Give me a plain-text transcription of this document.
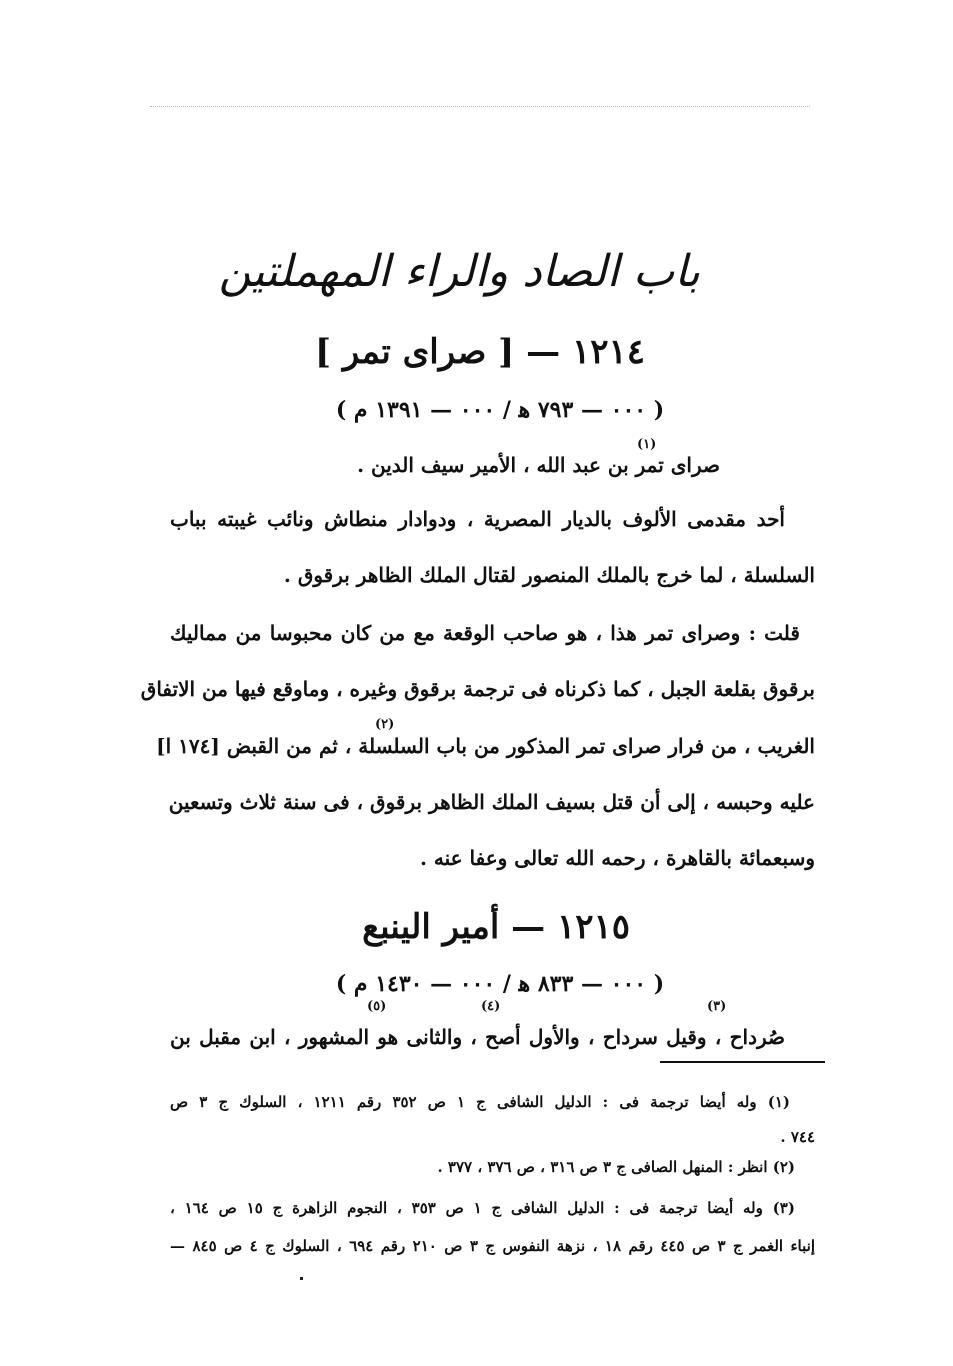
باب الصاد والراء المهملتين
١٢١٤ — [ صراى تمر ]
( ٠٠٠ — ٧٩٣ ﻫ / ٠٠٠ — ١٣٩١ م )
صراى تمر بن عبد الله ، الأمير سيف الدين .
أحد مقدمى الألوف بالديار المصرية ، ودوادار منطاش ونائب غيبته بباب
السلسلة ، لما خرج بالملك المنصور لقتال الملك الظاهر برقوق .
قلت : وصراى تمر هذا ، هو صاحب الوقعة مع من كان محبوسا من مماليك
برقوق بقلعة الجبل ، كما ذكرناه فى ترجمة برقوق وغيره ، وماوقع فيها من الاتفاق
الغريب ، من فرار صراى تمر المذكور من باب السلسلة ، ثم من القبض [١٧٤ ا]
عليه وحبسه ، إلى أن قتل بسيف الملك الظاهر برقوق ، فى سنة ثلاث وتسعين
وسبعمائة بالقاهرة ، رحمه الله تعالى وعفا عنه .
١٢١٥ — أمير الينبع
( ٠٠٠ — ٨٣٣ ﻫ / ٠٠٠ — ١٤٣٠ م )
صُرداح ، وقيل سرداح ، والأول أصح ، والثانى هو المشهور ، ابن مقبل بن
(١)
(٢)
(٣)
(٤)
(٥)
(١) وله أيضا ترجمة فى : الدليل الشافى ج ١ ص ٣٥٢ رقم ١٢١١ ، السلوك ج ٣ ص
٧٤٤ .
(٢) انظر : المنهل الصافى ج ٣ ص ٣١٦ ، ص ٣٧٦ ، ٣٧٧ .
(٣) وله أيضا ترجمة فى : الدليل الشافى ج ١ ص ٣٥٣ ، النجوم الزاهرة ج ١٥ ص ١٦٤ ،
إنباء الغمر ج ٣ ص ٤٤٥ رقم ١٨ ، نزهة النفوس ج ٣ ص ٢١٠ رقم ٦٩٤ ، السلوك ج ٤ ص ٨٤٥ —
